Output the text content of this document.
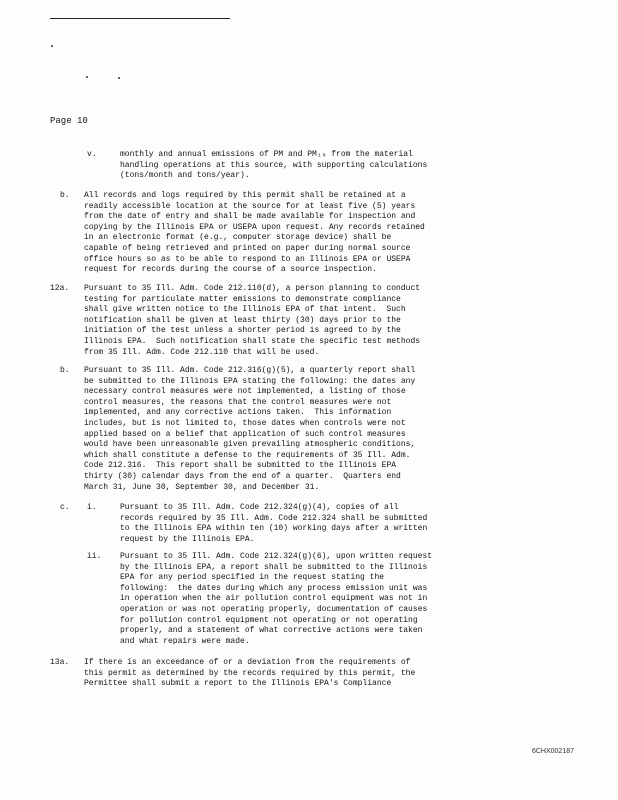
Page 10
v.	monthly and annual emissions of PM and PM₁₀ from the material
handling operations at this source, with supporting calculations
(tons/month and tons/year).
b. All records and logs required by this permit shall be retained at a
readily accessible location at the source for at least five (5) years
from the date of entry and shall be made available for inspection and
copying by the Illinois EPA or USEPA upon request. Any records retained
in an electronic format (e.g., computer storage device) shall be
capable of being retrieved and printed on paper during normal source
office hours so as to be able to respond to an Illinois EPA or USEPA
request for records during the course of a source inspection.
12a. Pursuant to 35 Ill. Adm. Code 212.110(d), a person planning to conduct
testing for particulate matter emissions to demonstrate compliance
shall give written notice to the Illinois EPA of that intent.  Such
notification shall be given at least thirty (30) days prior to the
initiation of the test unless a shorter period is agreed to by the
Illinois EPA.  Such notification shall state the specific test methods
from 35 Ill. Adm. Code 212.110 that will be used.
b. Pursuant to 35 Ill. Adm. Code 212.316(g)(5), a quarterly report shall
be submitted to the Illinois EPA stating the following: the dates any
necessary control measures were not implemented, a listing of those
control measures, the reasons that the control measures were not
implemented, and any corrective actions taken.  This information
includes, but is not limited to, those dates when controls were not
applied based on a belief that application of such control measures
would have been unreasonable given prevailing atmospheric conditions,
which shall constitute a defense to the requirements of 35 Ill. Adm.
Code 212.316.  This report shall be submitted to the Illinois EPA
thirty (30) calendar days from the end of a quarter.  Quarters end
March 31, June 30, September 30, and December 31.
c. i.	Pursuant to 35 Ill. Adm. Code 212.324(g)(4), copies of all
records required by 35 Ill. Adm. Code 212.324 shall be submitted
to the Illinois EPA within ten (10) working days after a written
request by the Illinois EPA.
ii. Pursuant to 35 Ill. Adm. Code 212.324(g)(6), upon written request
by the Illinois EPA, a report shall be submitted to the Illinois
EPA for any period specified in the request stating the
following:  the dates during which any process emission unit was
in operation when the air pollution control equipment was not in
operation or was not operating properly, documentation of causes
for pollution control equipment not operating or not operating
properly, and a statement of what corrective actions were taken
and what repairs were made.
13a. If there is an exceedance of or a deviation from the requirements of
this permit as determined by the records required by this permit, the
Permittee shall submit a report to the Illinois EPA's Compliance
6CHX002187
